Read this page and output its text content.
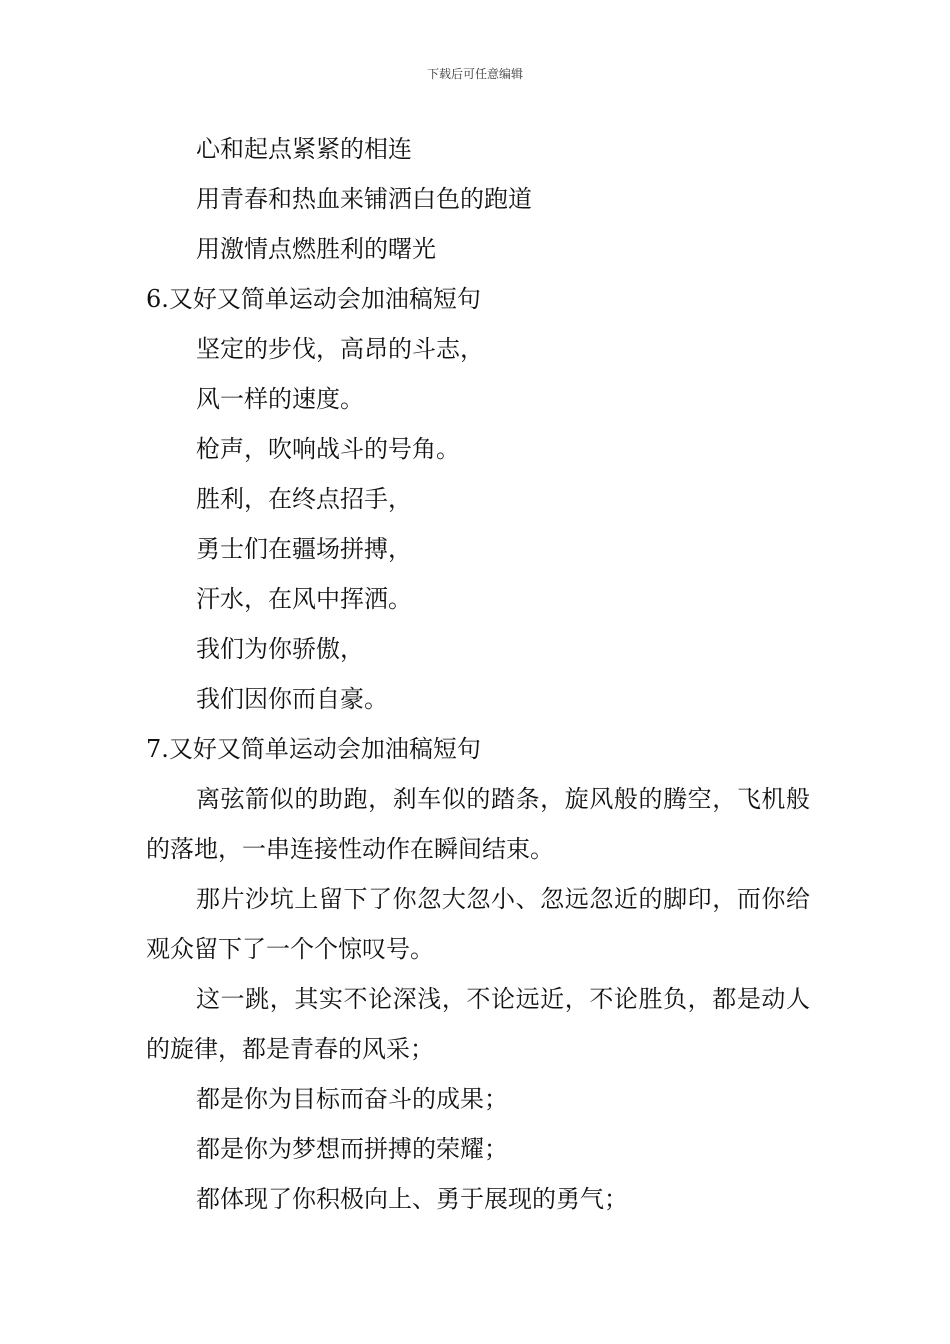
下载后可任意编辑

心和起点紧紧的相连

用青春和热血来铺洒白色的跑道

用激情点燃胜利的曙光

6.又好又简单运动会加油稿短句

坚定的步伐，高昂的斗志，

风一样的速度。

枪声，吹响战斗的号角。

胜利，在终点招手，

勇士们在疆场拼搏，

汗水，在风中挥洒。

我们为你骄傲，

我们因你而自豪。

7.又好又简单运动会加油稿短句

离弦箭似的助跑，刹车似的踏条，旋风般的腾空，飞机般的落地，一串连接性动作在瞬间结束。

那片沙坑上留下了你忽大忽小、忽远忽近的脚印，而你给观众留下了一个个惊叹号。

这一跳，其实不论深浅，不论远近，不论胜负，都是动人的旋律，都是青春的风采；

都是你为目标而奋斗的成果；

都是你为梦想而拼搏的荣耀；

都体现了你积极向上、勇于展现的勇气；
